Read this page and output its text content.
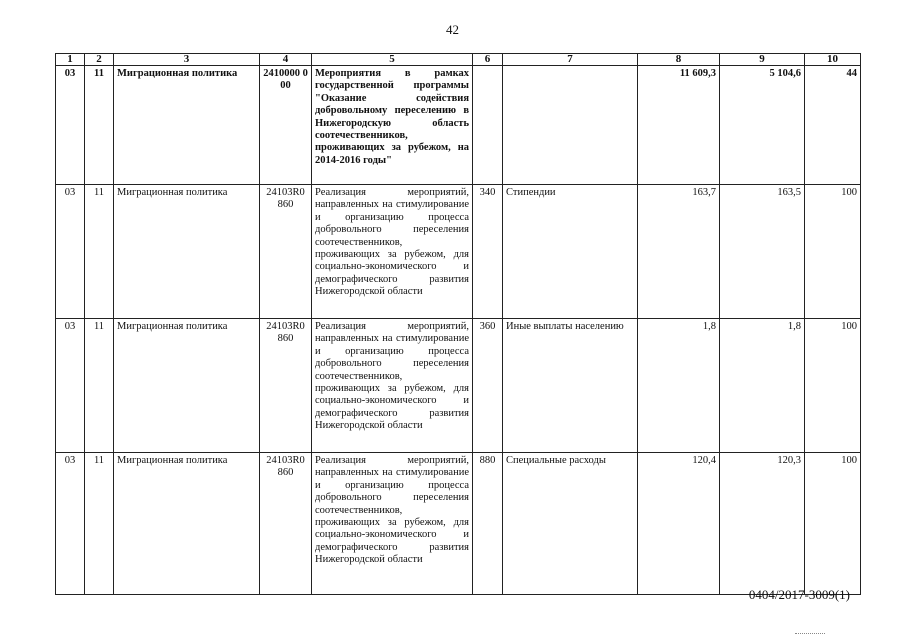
42
1	2	3	4	5	6	7	8	9	10
03	11	Миграционная политика	2410000 000	Мероприятия в рамках государственной программы "Оказание содействия добровольному переселению в Нижегородскую область соотечественников, проживающих за рубежом, на 2014-2016 годы"			11 609,3	5 104,6	44
03	11	Миграционная политика	24103R0 860	Реализация мероприятий, направленных на стимулирование и организацию процесса добровольного переселения соотечественников, проживающих за рубежом, для социально-экономического и демографического развития Нижегородской области	340	Стипендии	163,7	163,5	100
03	11	Миграционная политика	24103R0 860	Реализация мероприятий, направленных на стимулирование и организацию процесса добровольного переселения соотечественников, проживающих за рубежом, для социально-экономического и демографического развития Нижегородской области	360	Иные выплаты населению	1,8	1,8	100
03	11	Миграционная политика	24103R0 860	Реализация мероприятий, направленных на стимулирование и организацию процесса добровольного переселения соотечественников, проживающих за рубежом, для социально-экономического и демографического развития Нижегородской области	880	Специальные расходы	120,4	120,3	100
0404/2017-3009(1)
